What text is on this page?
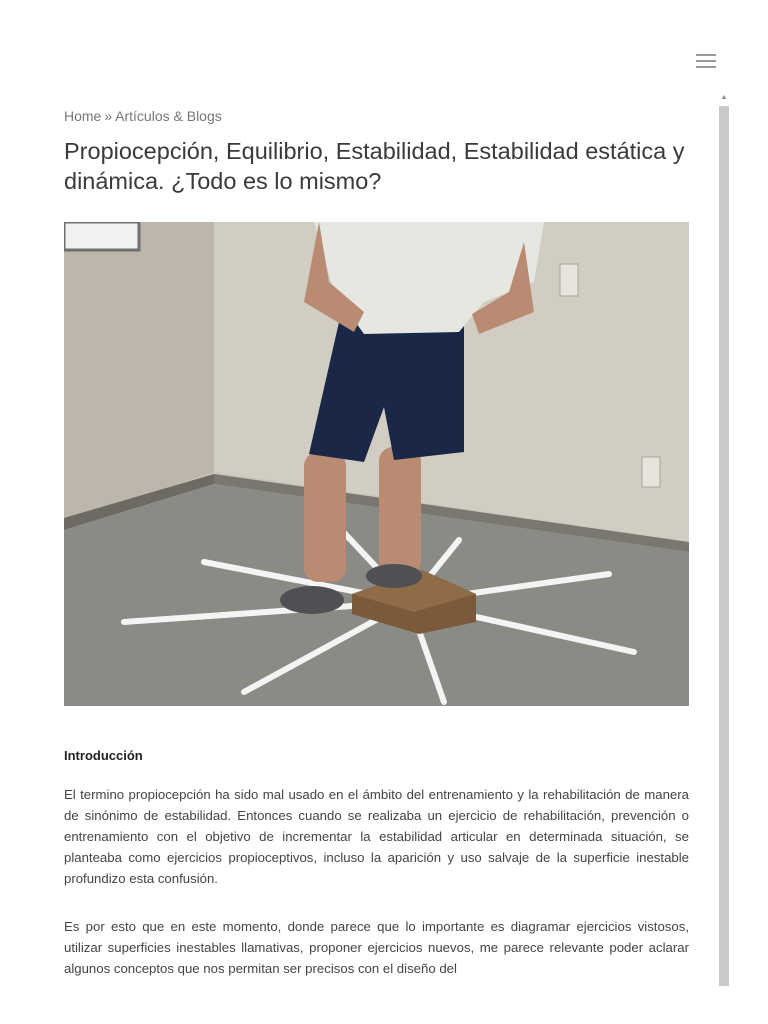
Home » Artículos & Blogs
Propiocepción, Equilibrio, Estabilidad, Estabilidad estática y dinámica. ¿Todo es lo mismo?
Introducción

El termino propiocepción ha sido mal usado en el ámbito del entrenamiento y la rehabilitación de manera de sinónimo de estabilidad. Entonces cuando se realizaba un ejercicio de rehabilitación, prevención o entrenamiento con el objetivo de incrementar la estabilidad articular en determinada situación, se planteaba como ejercicios propioceptivos, incluso la aparición y uso salvaje de la superficie inestable profundizo esta confusión.

Es por esto que en este momento, donde parece que lo importante es diagramar ejercicios vistosos, utilizar superficies inestables llamativas, proponer ejercicios nuevos, me parece relevante poder aclarar algunos conceptos que nos permitan ser precisos con el diseño del

▲
